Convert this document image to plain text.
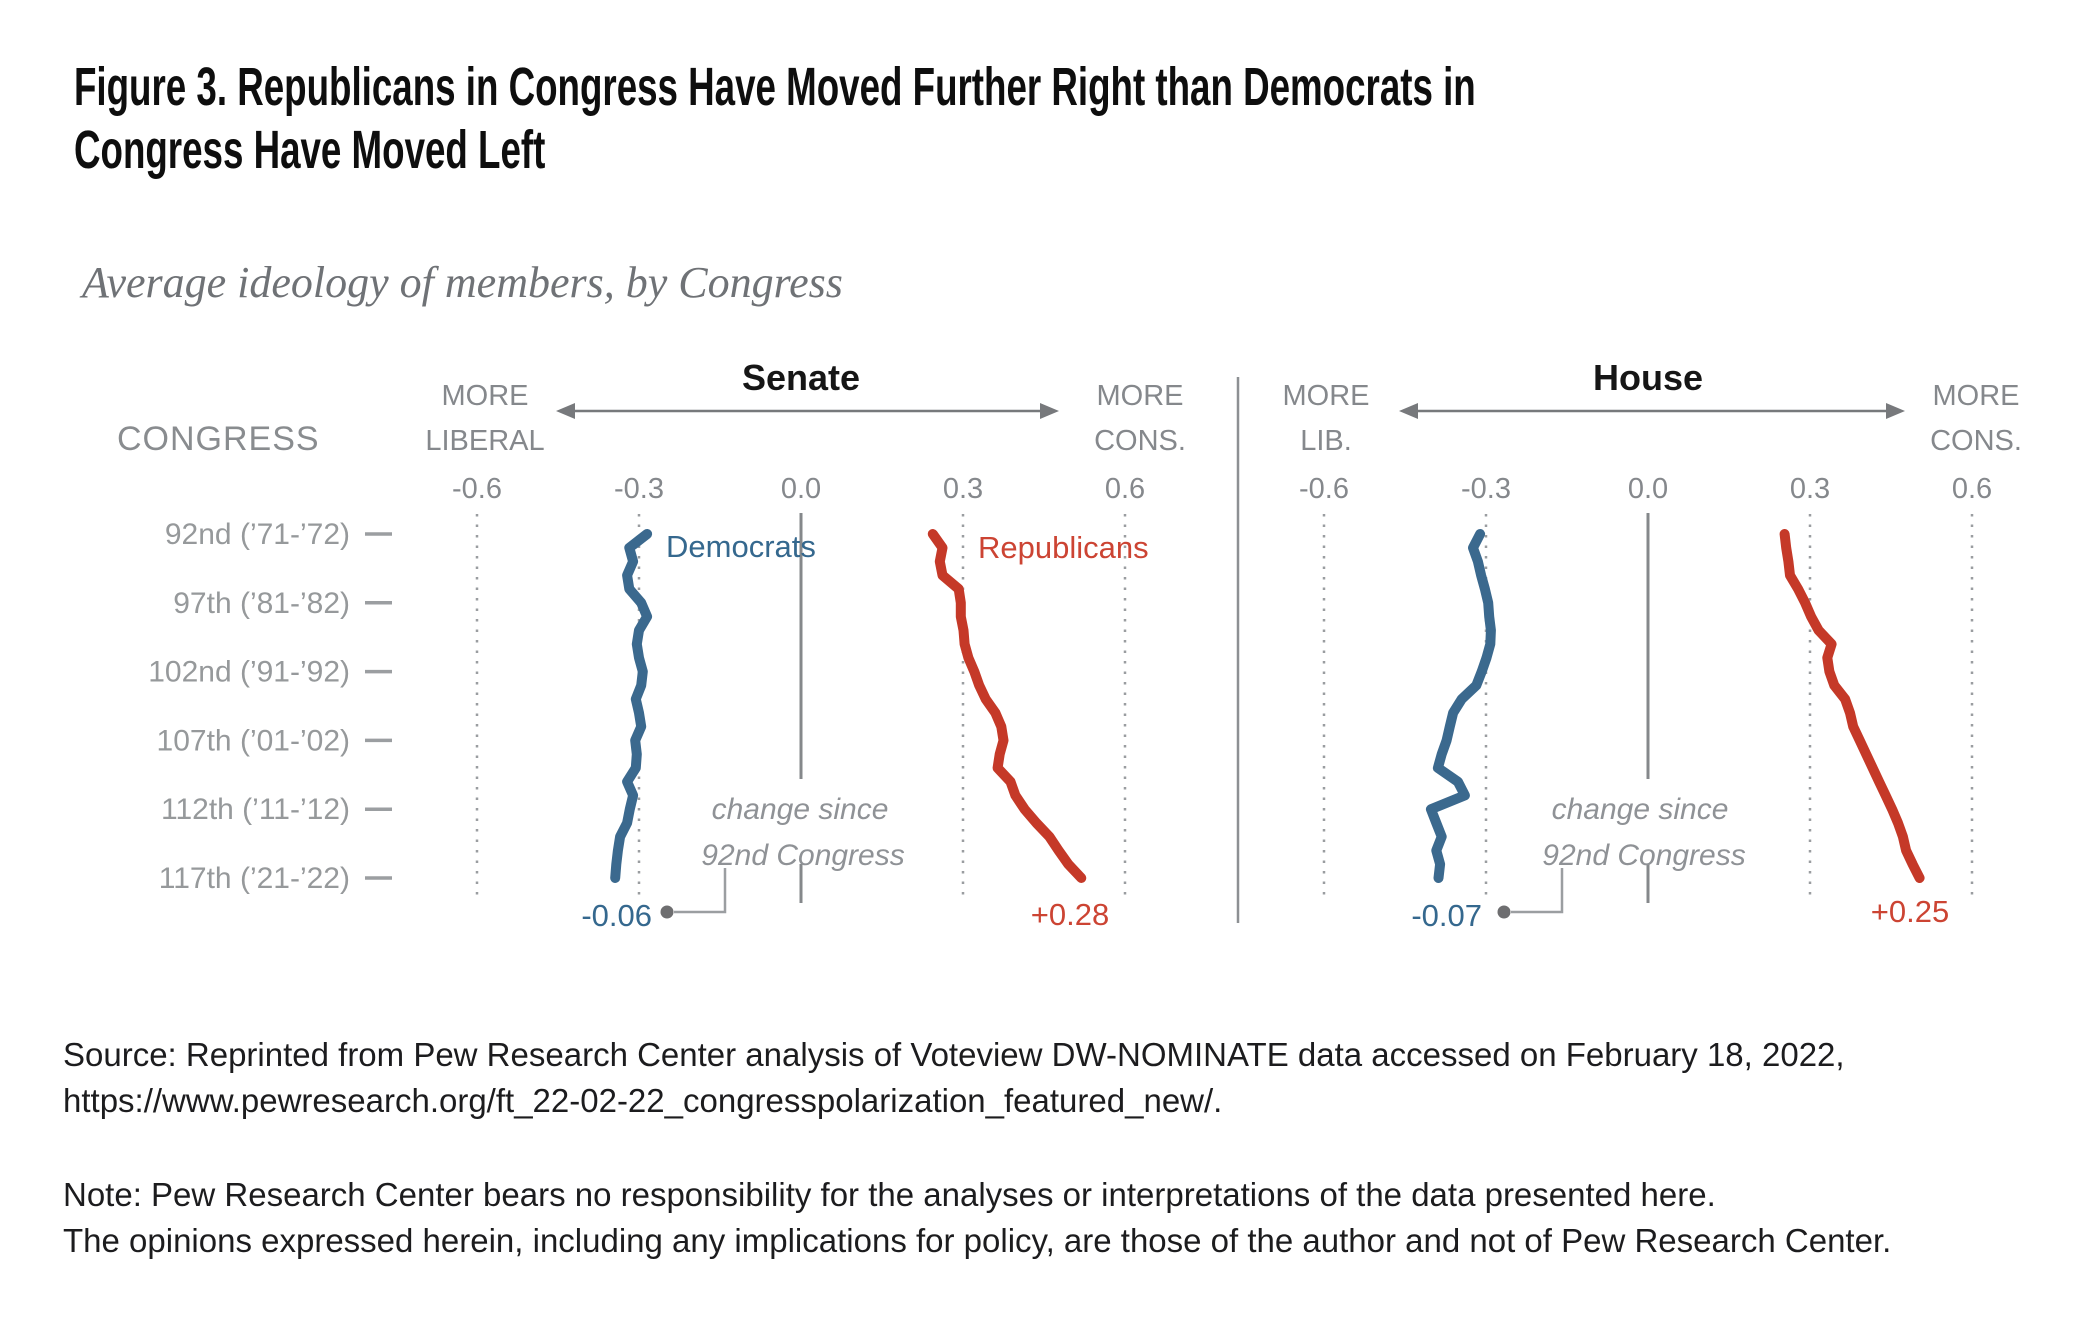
Figure 3. Republicans in Congress Have Moved Further Right than Democrats in
Congress Have Moved Left
Average ideology of members, by Congress
CONGRESS
Senate	House
MORE
LIBERAL
MORE
CONS.
MORE
LIB.
MORE
CONS.
-0.6	-0.3	0.0	0.3	0.6	-0.6	-0.3	0.0	0.3	0.6
92nd (’71-’72)
97th (’81-’82)
102nd (’91-’92)
107th (’01-’02)
112th (’11-’12)
117th (’21-’22)
Democrats	Republicans
change since
92nd Congress
-0.06	+0.28
change since
92nd Congress
-0.07	+0.25
Source: Reprinted from Pew Research Center analysis of Voteview DW-NOMINATE data accessed on February 18, 2022,
https://www.pewresearch.org/ft_22-02-22_congresspolarization_featured_new/.
Note: Pew Research Center bears no responsibility for the analyses or interpretations of the data presented here.
The opinions expressed herein, including any implications for policy, are those of the author and not of Pew Research Center.
